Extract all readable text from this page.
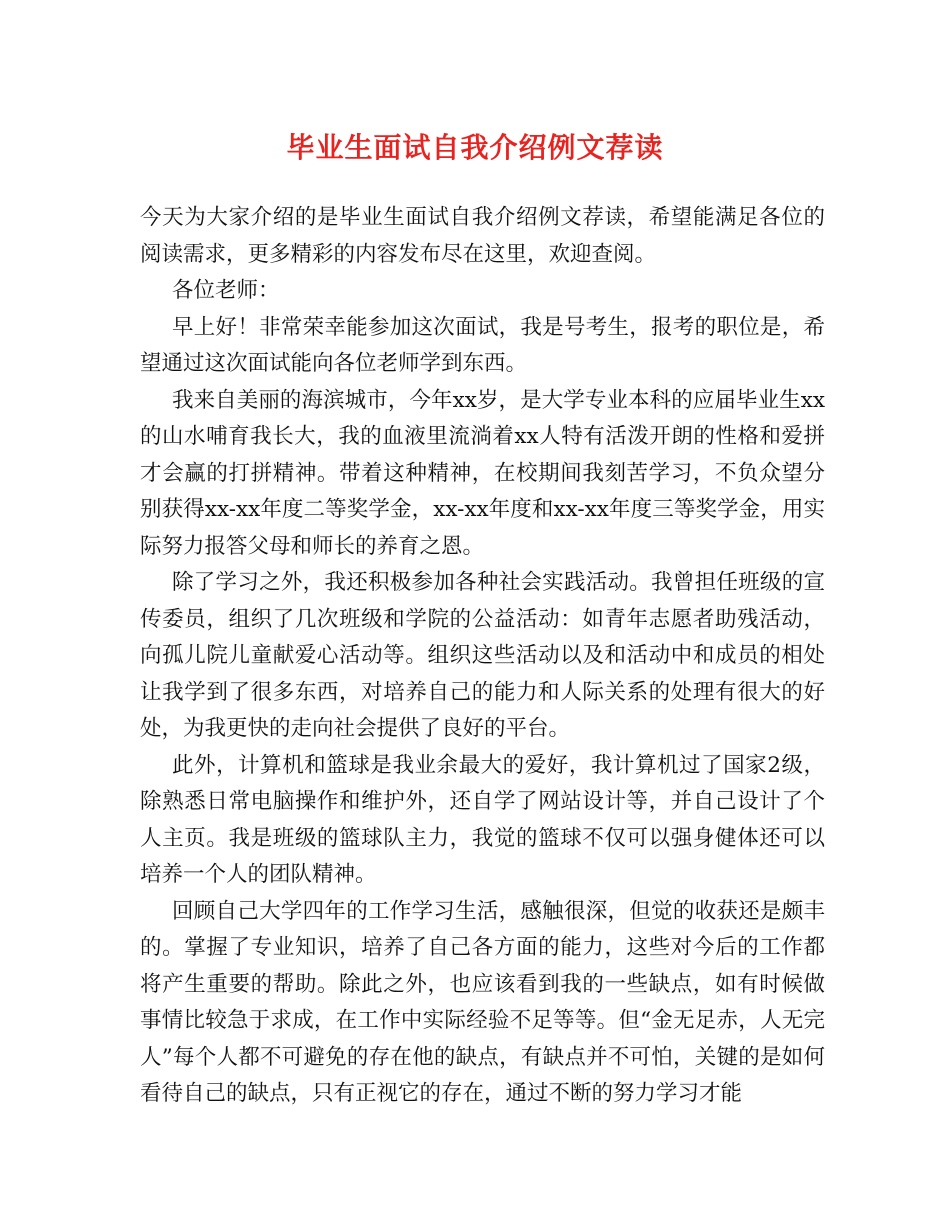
毕业生面试自我介绍例文荐读

今天为大家介绍的是毕业生面试自我介绍例文荐读，希望能满足各位的阅读需求，更多精彩的内容发布尽在这里，欢迎查阅。

各位老师：

早上好！非常荣幸能参加这次面试，我是号考生，报考的职位是，希望通过这次面试能向各位老师学到东西。

我来自美丽的海滨城市，今年xx岁，是大学专业本科的应届毕业生xx的山水哺育我长大，我的血液里流淌着xx人特有活泼开朗的性格和爱拼才会赢的打拼精神。带着这种精神，在校期间我刻苦学习，不负众望分别获得xx-xx年度二等奖学金，xx-xx年度和xx-xx年度三等奖学金，用实际努力报答父母和师长的养育之恩。

除了学习之外，我还积极参加各种社会实践活动。我曾担任班级的宣传委员，组织了几次班级和学院的公益活动：如青年志愿者助残活动，向孤儿院儿童献爱心活动等。组织这些活动以及和活动中和成员的相处让我学到了很多东西，对培养自己的能力和人际关系的处理有很大的好处，为我更快的走向社会提供了良好的平台。

此外，计算机和篮球是我业余最大的爱好，我计算机过了国家2级，除熟悉日常电脑操作和维护外，还自学了网站设计等，并自己设计了个人主页。我是班级的篮球队主力，我觉的篮球不仅可以强身健体还可以培养一个人的团队精神。

回顾自己大学四年的工作学习生活，感触很深，但觉的收获还是颇丰的。掌握了专业知识，培养了自己各方面的能力，这些对今后的工作都将产生重要的帮助。除此之外，也应该看到我的一些缺点，如有时候做事情比较急于求成，在工作中实际经验不足等等。但“金无足赤，人无完人”每个人都不可避免的存在他的缺点，有缺点并不可怕，关键的是如何看待自己的缺点，只有正视它的存在，通过不断的努力学习才能
